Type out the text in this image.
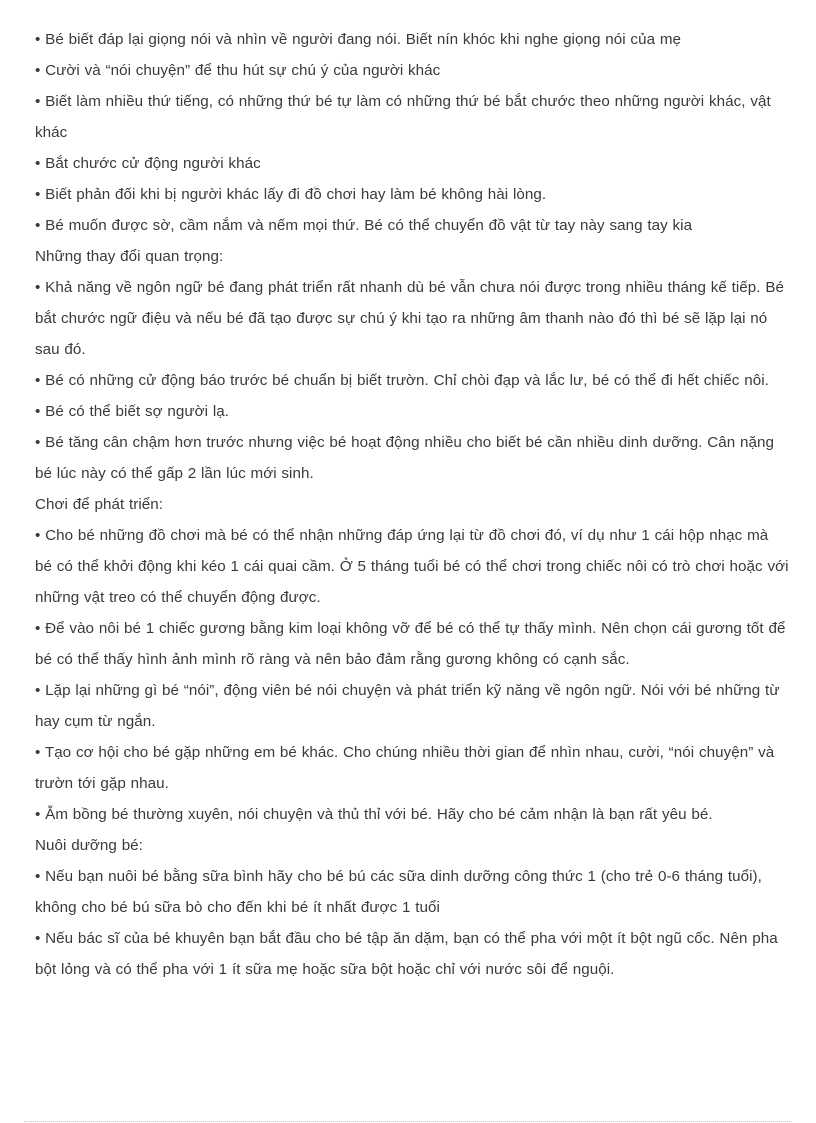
• Bé biết đáp lại giọng nói và nhìn về người đang nói. Biết nín khóc khi nghe giọng nói của mẹ

• Cười và “nói chuyện” để thu hút sự chú ý của người khác

• Biết làm nhiều thứ tiếng, có những thứ bé tự làm có những thứ bé bắt chước theo những người khác, vật khác

• Bắt chước cử động người khác

• Biết phản đối khi bị người khác lấy đi đồ chơi hay làm bé không hài lòng.

• Bé muốn được sờ, cầm nắm và nếm mọi thứ. Bé có thể chuyển đồ vật từ tay này sang tay kia

Những thay đổi quan trọng:

• Khả năng về ngôn ngữ bé đang phát triển rất nhanh dù bé vẫn chưa nói được trong nhiều tháng kế tiếp. Bé bắt chước ngữ điệu và nếu bé đã tạo được sự chú ý khi tạo ra những âm thanh nào đó thì bé sẽ lặp lại nó sau đó.

• Bé có những cử động báo trước bé chuẩn bị biết trườn. Chỉ chòi đạp và lắc lư, bé có thể đi hết chiếc nôi.

• Bé có thể biết sợ người lạ.

• Bé tăng cân chậm hơn trước nhưng việc bé hoạt động nhiều cho biết bé cần nhiều dinh dưỡng. Cân nặng bé lúc này có thể gấp 2 lần lúc mới sinh.

Chơi để phát triển:

• Cho bé những đồ chơi mà bé có thể nhận những đáp ứng lại từ đồ chơi đó, ví dụ như 1 cái hộp nhạc mà bé có thể khởi động khi kéo 1 cái quai cầm. Ở 5 tháng tuổi bé có thể chơi trong chiếc nôi có trò chơi hoặc với những vật treo có thể chuyển động được.

• Để vào nôi bé 1 chiếc gương bằng kim loại không vỡ để bé có thể tự thấy mình. Nên chọn cái gương tốt để bé có thể thấy hình ảnh mình rõ ràng và nên bảo đảm rằng gương không có cạnh sắc.

• Lặp lại những gì bé “nói”, động viên bé nói chuyện và phát triển kỹ năng về ngôn ngữ. Nói với bé những từ hay cụm từ ngắn.

• Tạo cơ hội cho bé gặp những em bé khác. Cho chúng nhiều thời gian để nhìn nhau, cười, “nói chuyện” và trườn tới gặp nhau.

• Ẵm bồng bé thường xuyên, nói chuyện và thủ thỉ với bé. Hãy cho bé cảm nhận là bạn rất yêu bé.

Nuôi dưỡng bé:

• Nếu bạn nuôi bé bằng sữa bình hãy cho bé bú các sữa dinh dưỡng công thức 1 (cho trẻ 0-6 tháng tuổi), không cho bé bú sữa bò cho đến khi bé ít nhất được 1 tuổi

• Nếu bác sĩ của bé khuyên bạn bắt đầu cho bé tập ăn dặm, bạn có thể pha với một ít bột ngũ cốc. Nên pha bột lỏng và có thể pha với 1 ít sữa mẹ hoặc sữa bột hoặc chỉ với nước sôi để nguội.
